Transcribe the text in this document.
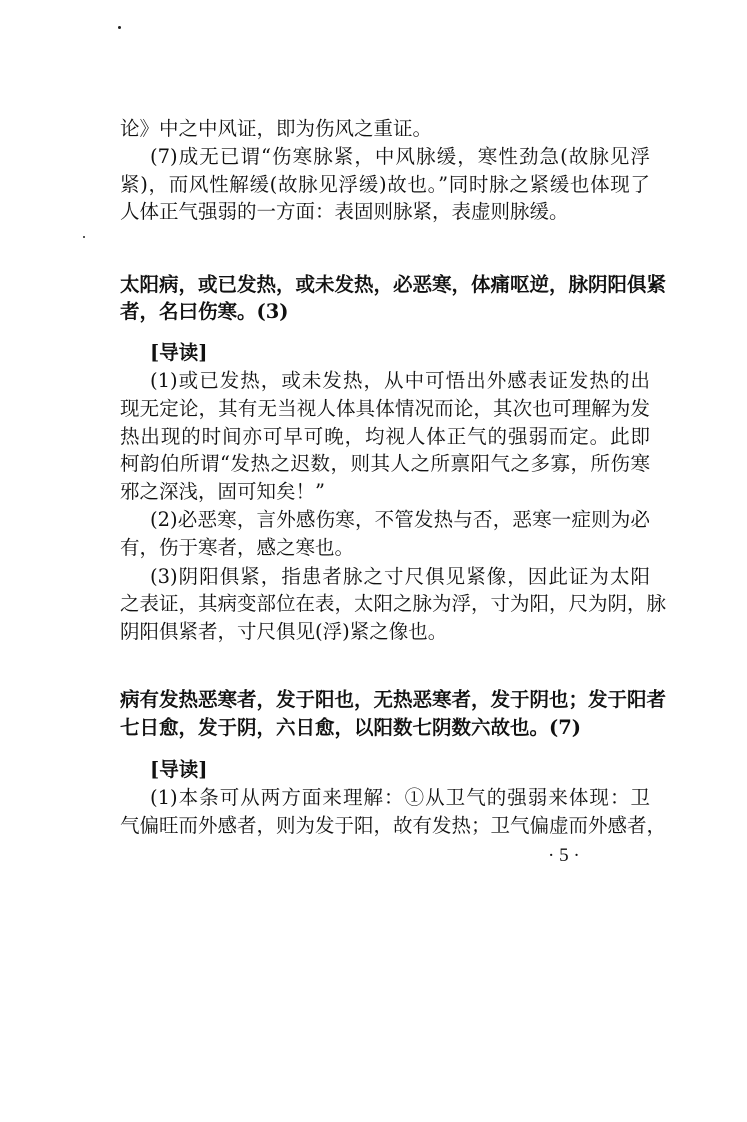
论》中之中风证，即为伤风之重证。
(7)成无已谓“伤寒脉紧，中风脉缓，寒性劲急(故脉见浮
紧)，而风性解缓(故脉见浮缓)故也。”同时脉之紧缓也体现了
人体正气强弱的一方面：表固则脉紧，表虚则脉缓。
太阳病，或已发热，或未发热，必恶寒，体痛呕逆，脉阴阳俱紧
者，名曰伤寒。(3)
[导读]
(1)或已发热，或未发热，从中可悟出外感表证发热的出
现无定论，其有无当视人体具体情况而论，其次也可理解为发
热出现的时间亦可早可晚，均视人体正气的强弱而定。此即
柯韵伯所谓“发热之迟数，则其人之所禀阳气之多寡，所伤寒
邪之深浅，固可知矣！”
(2)必恶寒，言外感伤寒，不管发热与否，恶寒一症则为必
有，伤于寒者，感之寒也。
(3)阴阳俱紧，指患者脉之寸尺俱见紧像，因此证为太阳
之表证，其病变部位在表，太阳之脉为浮，寸为阳，尺为阴，脉
阴阳俱紧者，寸尺俱见(浮)紧之像也。
病有发热恶寒者，发于阳也，无热恶寒者，发于阴也；发于阳者
七日愈，发于阴，六日愈，以阳数七阴数六故也。(7)
[导读]
(1)本条可从两方面来理解：①从卫气的强弱来体现：卫
气偏旺而外感者，则为发于阳，故有发热；卫气偏虚而外感者，
· 5 ·
